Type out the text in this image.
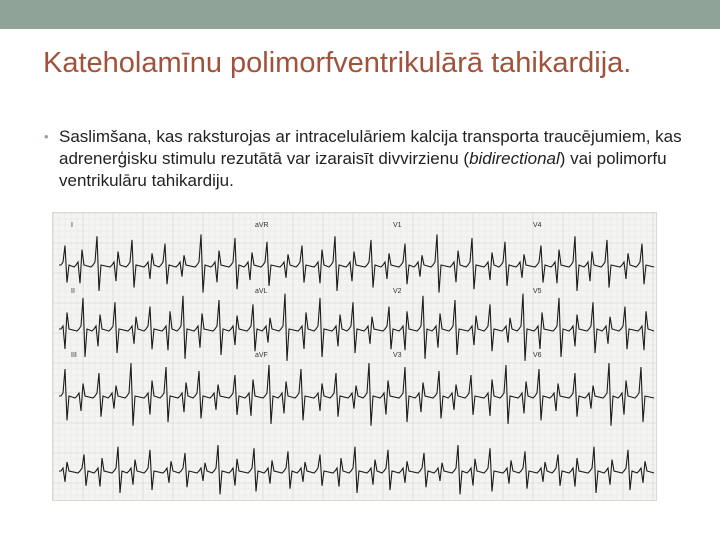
Kateholamīnu polimorfventrikulārā tahikardija.
• Saslimšana, kas raksturojas ar intracelulāriem kalcija transporta traucējumiem, kas adrenerģisku stimulu rezutātā var izaraisīt divvirzienu (bidirectional) vai polimorfu ventrikulāru tahikardiju.
I	aVR	V1	V4
II	aVL	V2	V5
III	aVF	V3	V6
